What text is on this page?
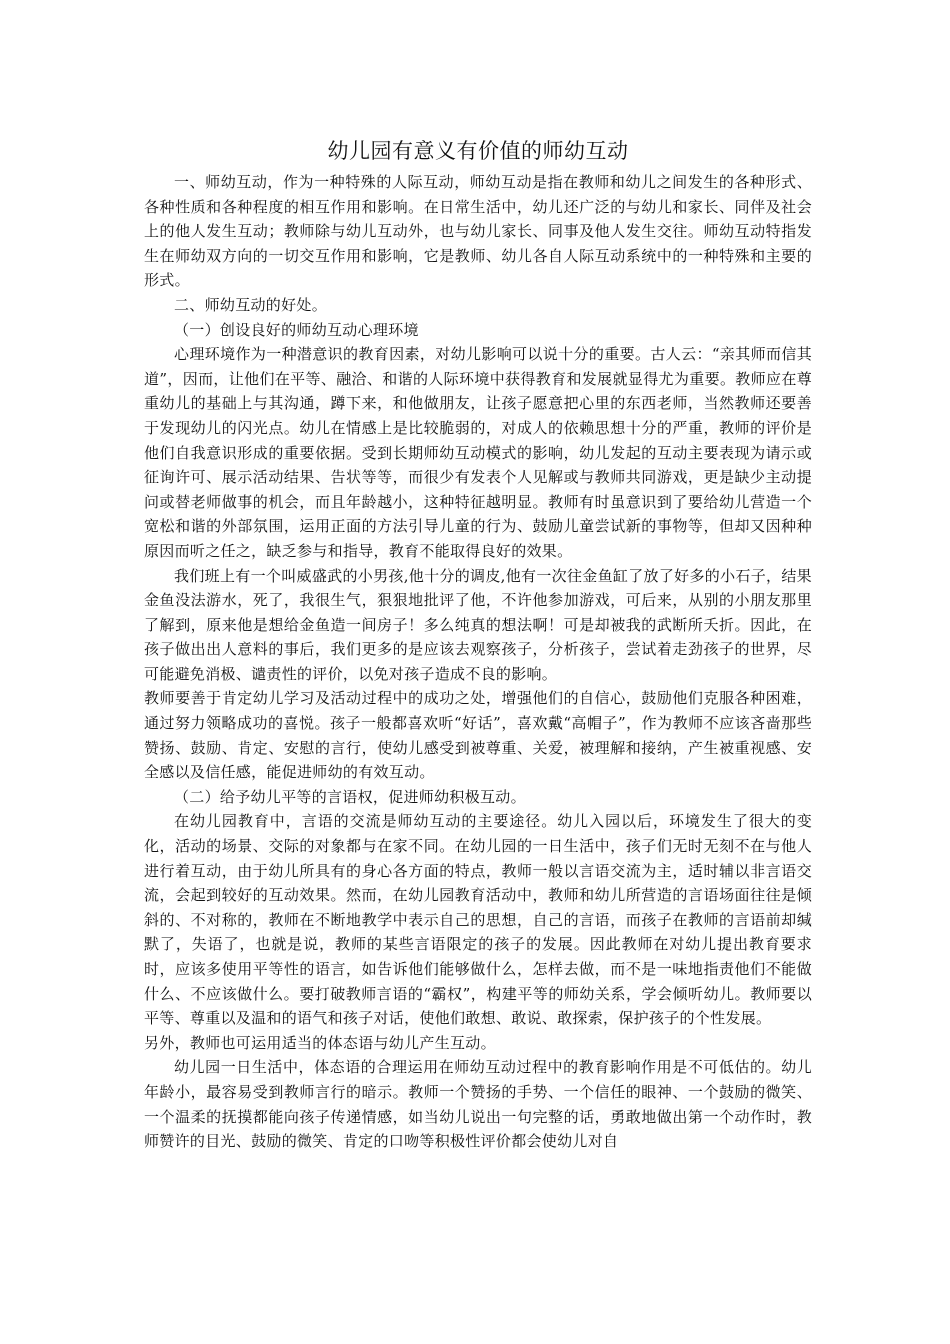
幼儿园有意义有价值的师幼互动

一、师幼互动，作为一种特殊的人际互动，师幼互动是指在教师和幼儿之间发生的各种形式、各种性质和各种程度的相互作用和影响。在日常生活中，幼儿还广泛的与幼儿和家长、同伴及社会上的他人发生互动；教师除与幼儿互动外，也与幼儿家长、同事及他人发生交往。师幼互动特指发生在师幼双方向的一切交互作用和影响，它是教师、幼儿各自人际互动系统中的一种特殊和主要的形式。

二、师幼互动的好处。

（一）创设良好的师幼互动心理环境

心理环境作为一种潜意识的教育因素，对幼儿影响可以说十分的重要。古人云：“亲其师而信其道”，因而，让他们在平等、融洽、和谐的人际环境中获得教育和发展就显得尤为重要。教师应在尊重幼儿的基础上与其沟通，蹲下来，和他做朋友，让孩子愿意把心里的东西老师，当然教师还要善于发现幼儿的闪光点。幼儿在情感上是比较脆弱的，对成人的依赖思想十分的严重，教师的评价是他们自我意识形成的重要依据。受到长期师幼互动模式的影响，幼儿发起的互动主要表现为请示或征询许可、展示活动结果、告状等等，而很少有发表个人见解或与教师共同游戏，更是缺少主动提问或替老师做事的机会，而且年龄越小，这种特征越明显。教师有时虽意识到了要给幼儿营造一个宽松和谐的外部氛围，运用正面的方法引导儿童的行为、鼓励儿童尝试新的事物等，但却又因种种原因而听之任之，缺乏参与和指导，教育不能取得良好的效果。

我们班上有一个叫威盛武的小男孩,他十分的调皮,他有一次往金鱼缸了放了好多的小石子，结果金鱼没法游水，死了，我很生气，狠狠地批评了他，不许他参加游戏，可后来，从别的小朋友那里了解到，原来他是想给金鱼造一间房子！多么纯真的想法啊！可是却被我的武断所夭折。因此，在孩子做出出人意料的事后，我们更多的是应该去观察孩子，分析孩子，尝试着走劲孩子的世界，尽可能避免消极、谴责性的评价，以免对孩子造成不良的影响。

教师要善于肯定幼儿学习及活动过程中的成功之处，增强他们的自信心，鼓励他们克服各种困难，通过努力领略成功的喜悦。孩子一般都喜欢听“好话”，喜欢戴“高帽子”，作为教师不应该吝啬那些赞扬、鼓励、肯定、安慰的言行，使幼儿感受到被尊重、关爱，被理解和接纳，产生被重视感、安全感以及信任感，能促进师幼的有效互动。

（二）给予幼儿平等的言语权，促进师幼积极互动。

在幼儿园教育中，言语的交流是师幼互动的主要途径。幼儿入园以后，环境发生了很大的变化，活动的场景、交际的对象都与在家不同。在幼儿园的一日生活中，孩子们无时无刻不在与他人进行着互动，由于幼儿所具有的身心各方面的特点，教师一般以言语交流为主，适时辅以非言语交流，会起到较好的互动效果。然而，在幼儿园教育活动中，教师和幼儿所营造的言语场面往往是倾斜的、不对称的，教师在不断地教学中表示自己的思想，自己的言语，而孩子在教师的言语前却缄默了，失语了，也就是说，教师的某些言语限定的孩子的发展。因此教师在对幼儿提出教育要求时，应该多使用平等性的语言，如告诉他们能够做什么，怎样去做，而不是一味地指责他们不能做什么、不应该做什么。要打破教师言语的“霸权”，构建平等的师幼关系，学会倾听幼儿。教师要以平等、尊重以及温和的语气和孩子对话，使他们敢想、敢说、敢探索，保护孩子的个性发展。

另外，教师也可运用适当的体态语与幼儿产生互动。

幼儿园一日生活中，体态语的合理运用在师幼互动过程中的教育影响作用是不可低估的。幼儿年龄小，最容易受到教师言行的暗示。教师一个赞扬的手势、一个信任的眼神、一个鼓励的微笑、一个温柔的抚摸都能向孩子传递情感，如当幼儿说出一句完整的话，勇敢地做出第一个动作时，教师赞许的目光、鼓励的微笑、肯定的口吻等积极性评价都会使幼儿对自
